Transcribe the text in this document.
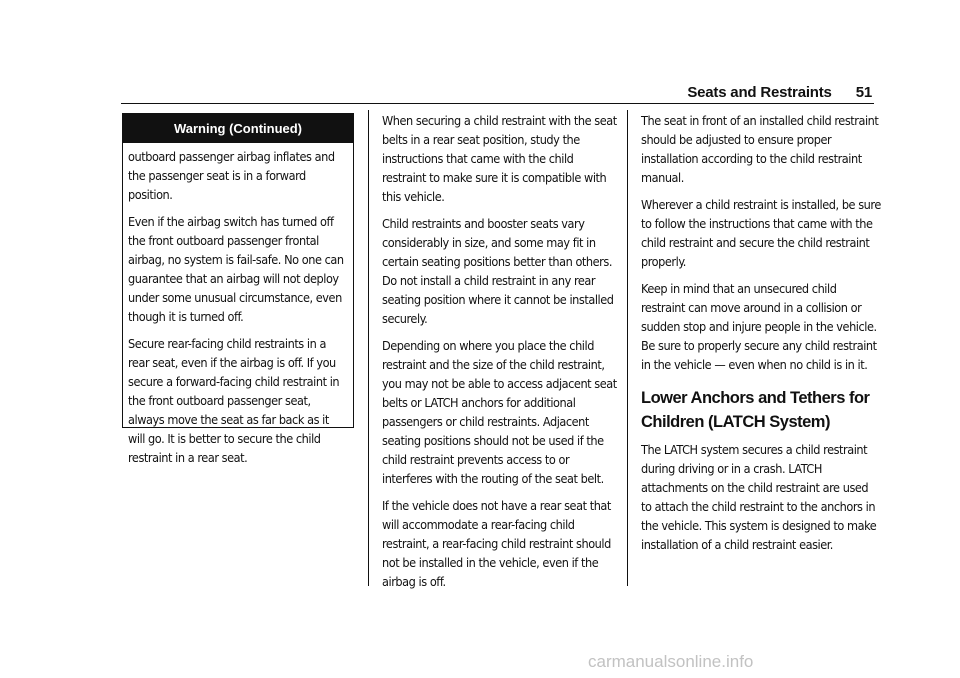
Seats and Restraints 51
Warning (Continued)

outboard passenger airbag inflates and the passenger seat is in a forward position.

Even if the airbag switch has turned off the front outboard passenger frontal airbag, no system is fail-safe. No one can guarantee that an airbag will not deploy under some unusual circumstance, even though it is turned off.

Secure rear-facing child restraints in a rear seat, even if the airbag is off. If you secure a forward-facing child restraint in the front outboard passenger seat, always move the seat as far back as it will go. It is better to secure the child restraint in a rear seat.

When securing a child restraint with the seat belts in a rear seat position, study the instructions that came with the child restraint to make sure it is compatible with this vehicle.

Child restraints and booster seats vary considerably in size, and some may fit in certain seating positions better than others. Do not install a child restraint in any rear seating position where it cannot be installed securely.

Depending on where you place the child restraint and the size of the child restraint, you may not be able to access adjacent seat belts or LATCH anchors for additional passengers or child restraints. Adjacent seating positions should not be used if the child restraint prevents access to or interferes with the routing of the seat belt.

If the vehicle does not have a rear seat that will accommodate a rear-facing child restraint, a rear-facing child restraint should not be installed in the vehicle, even if the airbag is off.

The seat in front of an installed child restraint should be adjusted to ensure proper installation according to the child restraint manual.

Wherever a child restraint is installed, be sure to follow the instructions that came with the child restraint and secure the child restraint properly.

Keep in mind that an unsecured child restraint can move around in a collision or sudden stop and injure people in the vehicle. Be sure to properly secure any child restraint in the vehicle — even when no child is in it.

Lower Anchors and Tethers for Children (LATCH System)

The LATCH system secures a child restraint during driving or in a crash. LATCH attachments on the child restraint are used to attach the child restraint to the anchors in the vehicle. This system is designed to make installation of a child restraint easier.

carmanualsonline.info
